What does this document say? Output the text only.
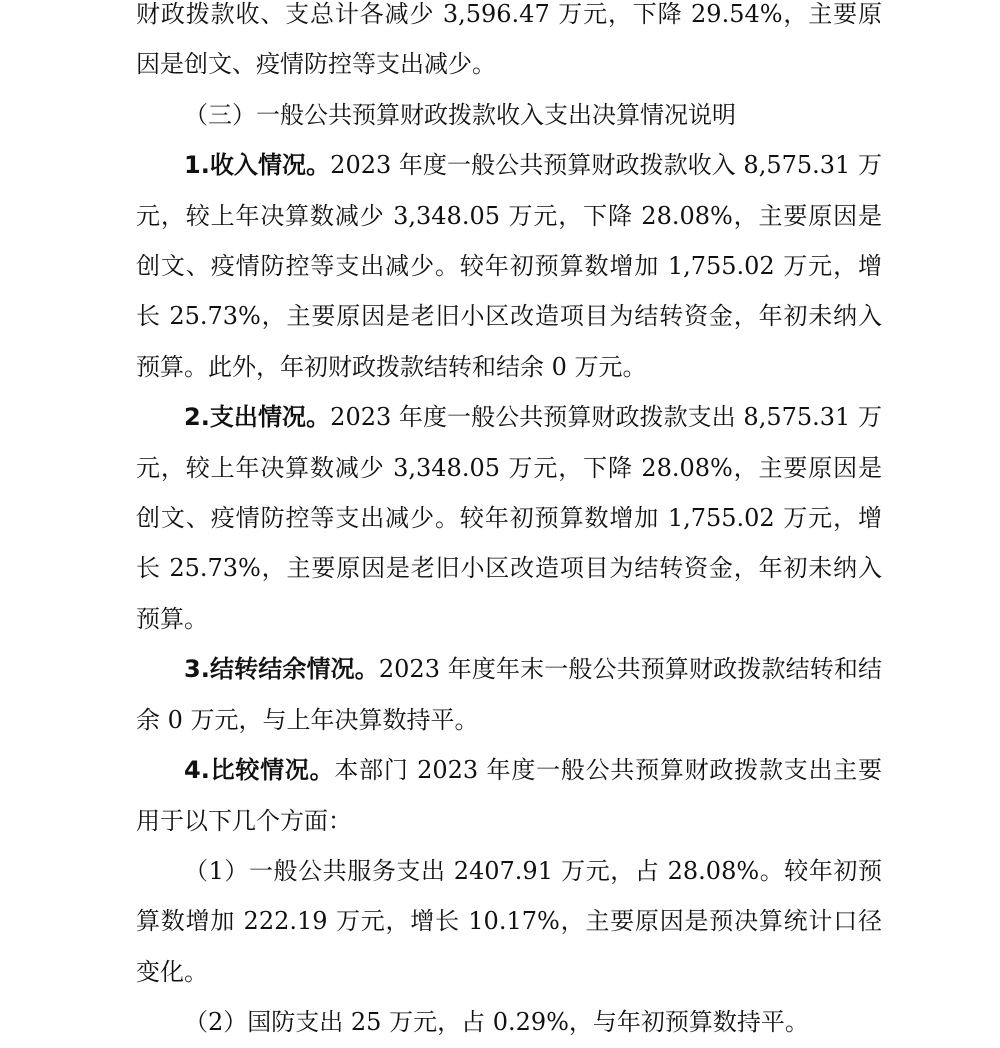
财政拨款收、支总计各减少 3,596.47 万元，下降 29.54%，主要原因是创文、疫情防控等支出减少。

（三）一般公共预算财政拨款收入支出决算情况说明

1.收入情况。2023 年度一般公共预算财政拨款收入 8,575.31 万元，较上年决算数减少 3,348.05 万元，下降 28.08%，主要原因是创文、疫情防控等支出减少。较年初预算数增加 1,755.02 万元，增长 25.73%，主要原因是老旧小区改造项目为结转资金，年初未纳入预算。此外，年初财政拨款结转和结余 0 万元。

2.支出情况。2023 年度一般公共预算财政拨款支出 8,575.31 万元，较上年决算数减少 3,348.05 万元，下降 28.08%，主要原因是创文、疫情防控等支出减少。较年初预算数增加 1,755.02 万元，增长 25.73%，主要原因是老旧小区改造项目为结转资金，年初未纳入预算。

3.结转结余情况。2023 年度年末一般公共预算财政拨款结转和结余 0 万元，与上年决算数持平。

4.比较情况。本部门 2023 年度一般公共预算财政拨款支出主要用于以下几个方面：

（1）一般公共服务支出 2407.91 万元，占 28.08%。较年初预算数增加 222.19 万元，增长 10.17%，主要原因是预决算统计口径变化。

（2）国防支出 25 万元，占 0.29%，与年初预算数持平。
